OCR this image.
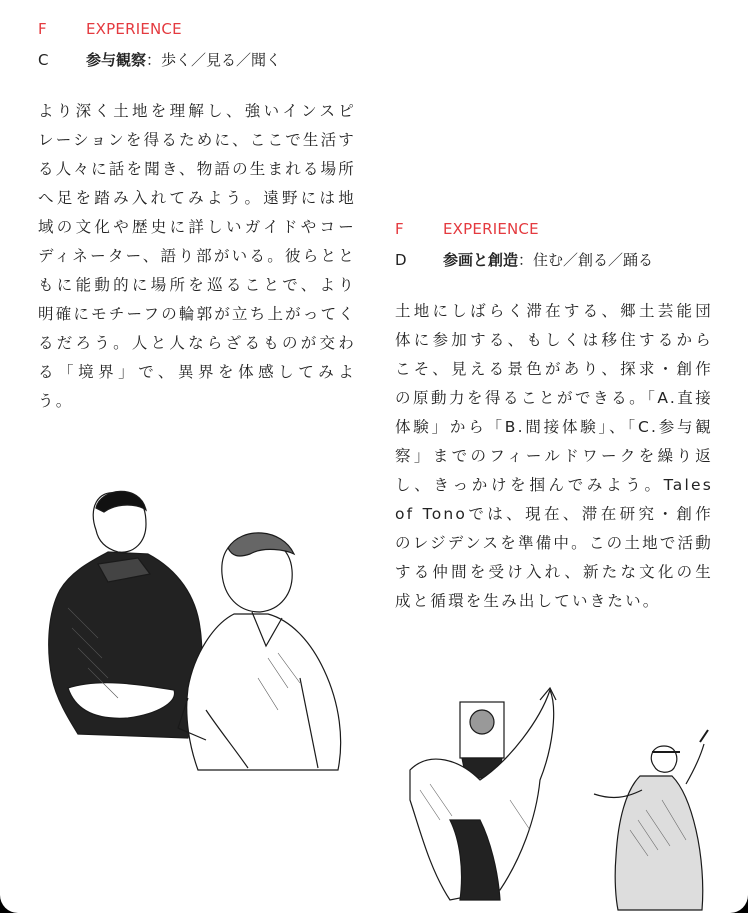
F	EXPERIENCE
C	参与観察：歩く／見る／聞く
より深く土地を理解し、強いインスピレーションを得るために、ここで生活する人々に話を聞き、物語の生まれる場所へ足を踏み入れてみよう。遠野には地域の文化や歴史に詳しいガイドやコーディネーター、語り部がいる。彼らとともに能動的に場所を巡ることで、より明確にモチーフの輪郭が立ち上がってくるだろう。人と人ならざるものが交わる「境界」で、異界を体感してみよう。
F	EXPERIENCE
D	参画と創造：住む／創る／踊る
土地にしばらく滞在する、郷土芸能団体に参加する、もしくは移住するからこそ、見える景色があり、探求・創作の原動力を得ることができる。「A.直接体験」から「B.間接体験」、「C.参与観察」までのフィールドワークを繰り返し、きっかけを掴んでみよう。Tales of Tonoでは、現在、滞在研究・創作のレジデンスを準備中。この土地で活動する仲間を受け入れ、新たな文化の生成と循環を生み出していきたい。
